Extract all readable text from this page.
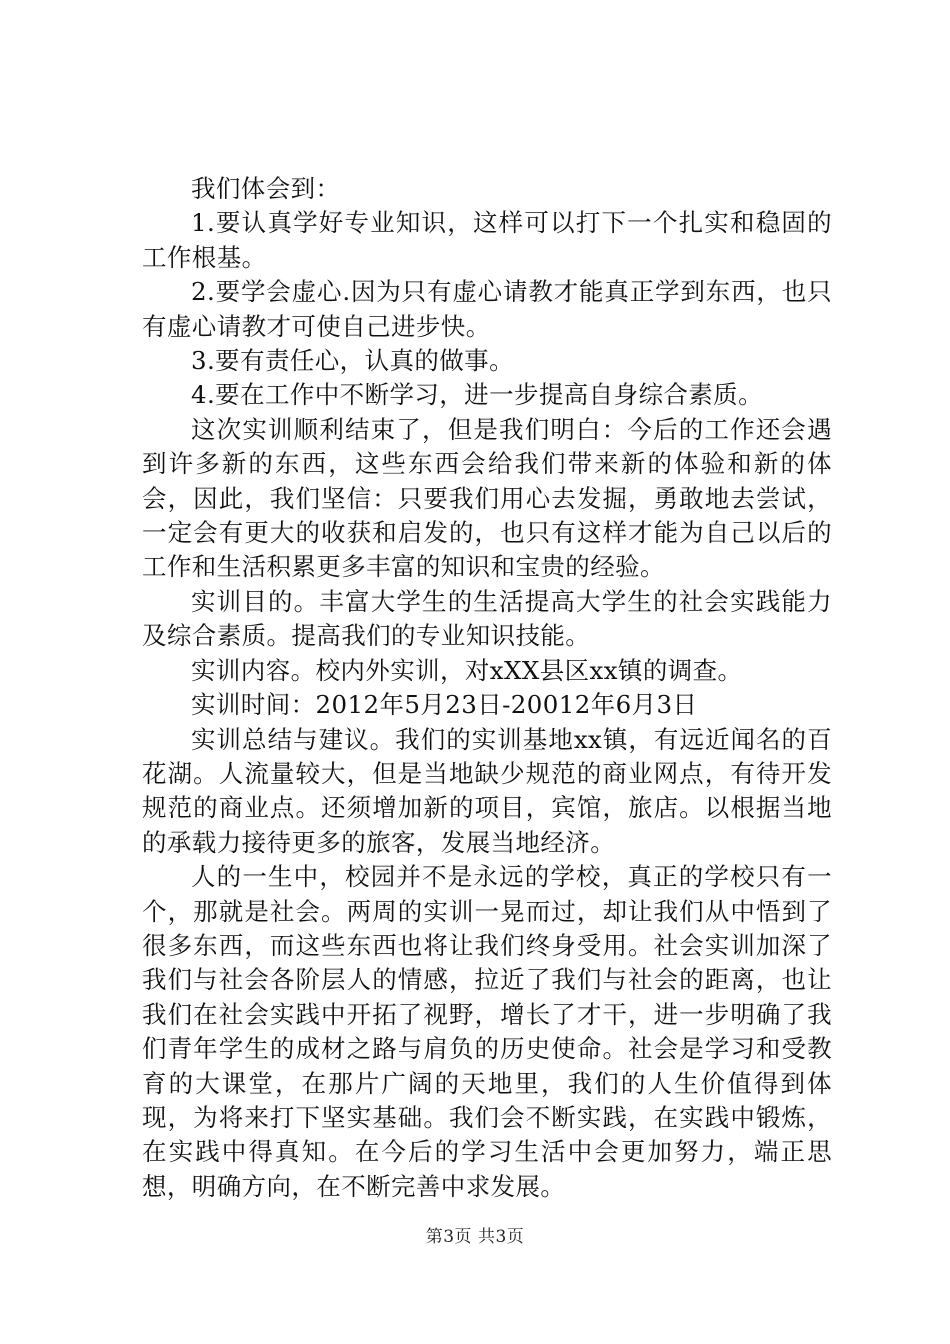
我们体会到：

1.要认真学好专业知识，这样可以打下一个扎实和稳固的工作根基。

2.要学会虚心.因为只有虚心请教才能真正学到东西，也只有虚心请教才可使自己进步快。

3.要有责任心，认真的做事。

4.要在工作中不断学习，进一步提高自身综合素质。

这次实训顺利结束了，但是我们明白：今后的工作还会遇到许多新的东西，这些东西会给我们带来新的体验和新的体会，因此，我们坚信：只要我们用心去发掘，勇敢地去尝试，一定会有更大的收获和启发的，也只有这样才能为自己以后的工作和生活积累更多丰富的知识和宝贵的经验。

实训目的。丰富大学生的生活提高大学生的社会实践能力及综合素质。提高我们的专业知识技能。

实训内容。校内外实训，对xXX县区xx镇的调查。

实训时间：2012年5月23日-20012年6月3日

实训总结与建议。我们的实训基地xx镇，有远近闻名的百花湖。人流量较大，但是当地缺少规范的商业网点，有待开发规范的商业点。还须增加新的项目，宾馆，旅店。以根据当地的承载力接待更多的旅客，发展当地经济。

人的一生中，校园并不是永远的学校，真正的学校只有一个，那就是社会。两周的实训一晃而过，却让我们从中悟到了很多东西，而这些东西也将让我们终身受用。社会实训加深了我们与社会各阶层人的情感，拉近了我们与社会的距离，也让我们在社会实践中开拓了视野，增长了才干，进一步明确了我们青年学生的成材之路与肩负的历史使命。社会是学习和受教育的大课堂，在那片广阔的天地里，我们的人生价值得到体现，为将来打下坚实基础。我们会不断实践，在实践中锻炼，在实践中得真知。在今后的学习生活中会更加努力，端正思想，明确方向，在不断完善中求发展。

第3页 共3页
